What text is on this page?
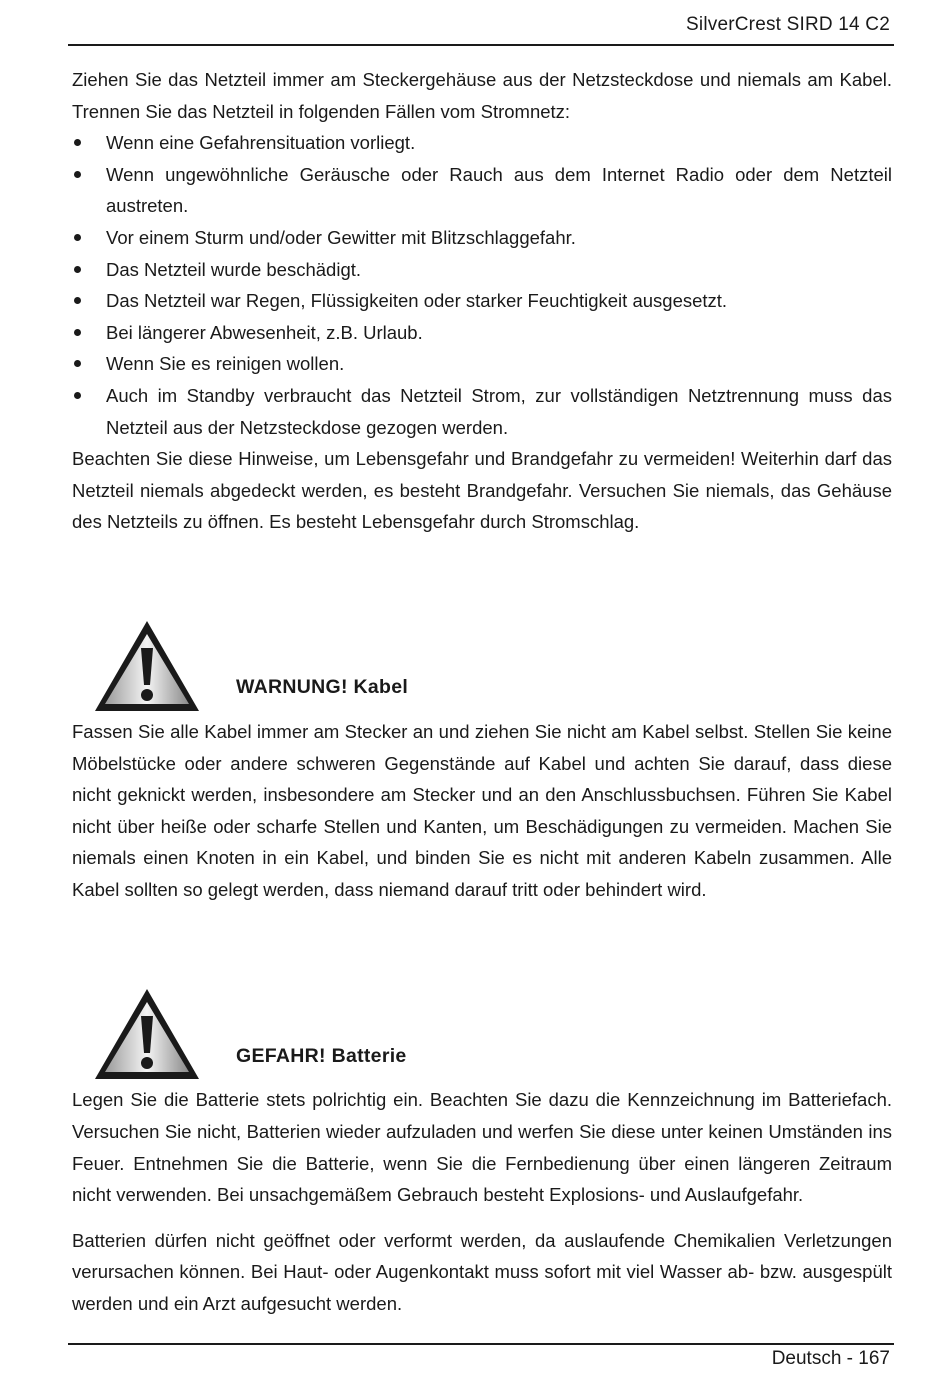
SilverCrest SIRD 14 C2

Ziehen Sie das Netzteil immer am Steckergehäuse aus der Netzsteckdose und niemals am Kabel. Trennen Sie das Netzteil in folgenden Fällen vom Stromnetz:

Wenn eine Gefahrensituation vorliegt.
Wenn ungewöhnliche Geräusche oder Rauch aus dem Internet Radio oder dem Netzteil austreten.
Vor einem Sturm und/oder Gewitter mit Blitzschlaggefahr.
Das Netzteil wurde beschädigt.
Das Netzteil war Regen, Flüssigkeiten oder starker Feuchtigkeit ausgesetzt.
Bei längerer Abwesenheit, z.B. Urlaub.
Wenn Sie es reinigen wollen.
Auch im Standby verbraucht das Netzteil Strom, zur vollständigen Netztrennung muss das Netzteil aus der Netzsteckdose gezogen werden.

Beachten Sie diese Hinweise, um Lebensgefahr und Brandgefahr zu vermeiden! Weiterhin darf das Netzteil niemals abgedeckt werden, es besteht Brandgefahr. Versuchen Sie niemals, das Gehäuse des Netzteils zu öffnen. Es besteht Lebensgefahr durch Stromschlag.

WARNUNG! Kabel

Fassen Sie alle Kabel immer am Stecker an und ziehen Sie nicht am Kabel selbst. Stellen Sie keine Möbelstücke oder andere schweren Gegenstände auf Kabel und achten Sie darauf, dass diese nicht geknickt werden, insbesondere am Stecker und an den Anschlussbuchsen. Führen Sie Kabel nicht über heiße oder scharfe Stellen und Kanten, um Beschädigungen zu vermeiden. Machen Sie niemals einen Knoten in ein Kabel, und binden Sie es nicht mit anderen Kabeln zusammen. Alle Kabel sollten so gelegt werden, dass niemand darauf tritt oder behindert wird.

GEFAHR! Batterie

Legen Sie die Batterie stets polrichtig ein. Beachten Sie dazu die Kennzeichnung im Batteriefach. Versuchen Sie nicht, Batterien wieder aufzuladen und werfen Sie diese unter keinen Umständen ins Feuer. Entnehmen Sie die Batterie, wenn Sie die Fernbedienung über einen längeren Zeitraum nicht verwenden. Bei unsachgemäßem Gebrauch besteht Explosions- und Auslaufgefahr.

Batterien dürfen nicht geöffnet oder verformt werden, da auslaufende Chemikalien Verletzungen verursachen können. Bei Haut- oder Augenkontakt muss sofort mit viel Wasser ab- bzw. ausgespült werden und ein Arzt aufgesucht werden.

Deutsch - 167
